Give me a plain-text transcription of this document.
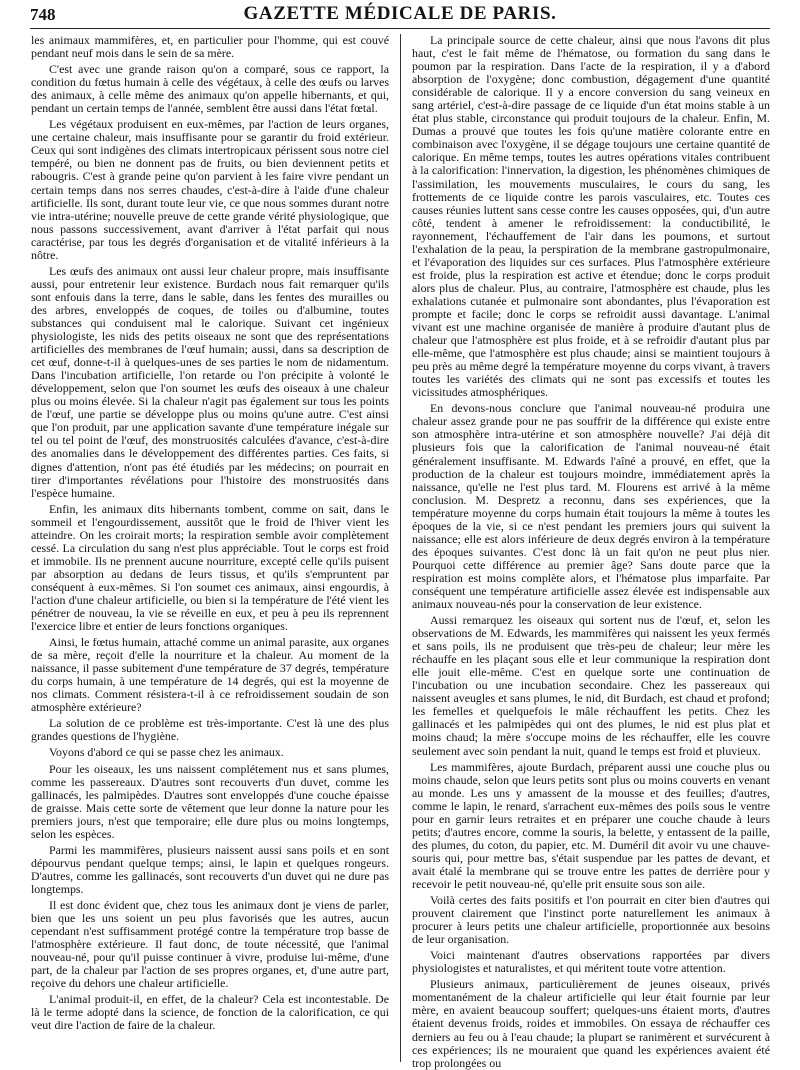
748	GAZETTE MÉDICALE DE PARIS.

les animaux mammifères, et, en particulier pour l'homme, qui est couvé pendant neuf mois dans le sein de sa mère.

C'est avec une grande raison qu'on a comparé, sous ce rapport, la condition du fœtus humain à celle des végétaux, à celle des œufs ou larves des animaux, à celle même des animaux qu'on appelle hibernants, et qui, pendant un certain temps de l'année, semblent être aussi dans l'état fœtal.

Les végétaux produisent en eux-mêmes, par l'action de leurs organes, une certaine chaleur, mais insuffisante pour se garantir du froid extérieur. Ceux qui sont indigènes des climats intertropicaux périssent sous notre ciel tempéré, ou bien ne donnent pas de fruits, ou bien deviennent petits et rabougris. C'est à grande peine qu'on parvient à les faire vivre pendant un certain temps dans nos serres chaudes, c'est-à-dire à l'aide d'une chaleur artificielle. Ils sont, durant toute leur vie, ce que nous sommes durant notre vie intra-utérine; nouvelle preuve de cette grande vérité physiologique, que nous passons successivement, avant d'arriver à l'état parfait qui nous caractérise, par tous les degrés d'organisation et de vitalité inférieurs à la nôtre.

Les œufs des animaux ont aussi leur chaleur propre, mais insuffisante aussi, pour entretenir leur existence. Burdach nous fait remarquer qu'ils sont enfouis dans la terre, dans le sable, dans les fentes des murailles ou des arbres, enveloppés de coques, de toiles ou d'albumine, toutes substances qui conduisent mal le calorique. Suivant cet ingénieux physiologiste, les nids des petits oiseaux ne sont que des représentations artificielles des membranes de l'œuf humain; aussi, dans sa description de cet œuf, donne-t-il à quelques-unes de ses parties le nom de nidamentum. Dans l'incubation artificielle, l'on retarde ou l'on précipite à volonté le développement, selon que l'on soumet les œufs des oiseaux à une chaleur plus ou moins élevée. Si la chaleur n'agit pas également sur tous les points de l'œuf, une partie se développe plus ou moins qu'une autre. C'est ainsi que l'on produit, par une application savante d'une température inégale sur tel ou tel point de l'œuf, des monstruosités calculées d'avance, c'est-à-dire des anomalies dans le développement des différentes parties. Ces faits, si dignes d'attention, n'ont pas été étudiés par les médecins; on pourrait en tirer d'importantes révélations pour l'histoire des monstruosités dans l'espèce humaine.

Enfin, les animaux dits hibernants tombent, comme on sait, dans le sommeil et l'engourdissement, aussitôt que le froid de l'hiver vient les atteindre. On les croirait morts; la respiration semble avoir complètement cessé. La circulation du sang n'est plus appréciable. Tout le corps est froid et immobile. Ils ne prennent aucune nourriture, excepté celle qu'ils puisent par absorption au dedans de leurs tissus, et qu'ils s'empruntent par conséquent à eux-mêmes. Si l'on soumet ces animaux, ainsi engourdis, à l'action d'une chaleur artificielle, ou bien si la température de l'été vient les pénétrer de nouveau, la vie se réveille en eux, et peu à peu ils reprennent l'exercice libre et entier de leurs fonctions organiques.

Ainsi, le fœtus humain, attaché comme un animal parasite, aux organes de sa mère, reçoit d'elle la nourriture et la chaleur. Au moment de la naissance, il passe subitement d'une température de 37 degrés, température du corps humain, à une température de 14 degrés, qui est la moyenne de nos climats. Comment résistera-t-il à ce refroidissement soudain de son atmosphère extérieure?

La solution de ce problème est très-importante. C'est là une des plus grandes questions de l'hygiène.

Voyons d'abord ce qui se passe chez les animaux.

Pour les oiseaux, les uns naissent complétement nus et sans plumes, comme les passereaux. D'autres sont recouverts d'un duvet, comme les gallinacés, les palmipèdes. D'autres sont enveloppés d'une couche épaisse de graisse. Mais cette sorte de vêtement que leur donne la nature pour les premiers jours, n'est que temporaire; elle dure plus ou moins longtemps, selon les espèces.

Parmi les mammifères, plusieurs naissent aussi sans poils et en sont dépourvus pendant quelque temps; ainsi, le lapin et quelques rongeurs. D'autres, comme les gallinacés, sont recouverts d'un duvet qui ne dure pas longtemps.

Il est donc évident que, chez tous les animaux dont je viens de parler, bien que les uns soient un peu plus favorisés que les autres, aucun cependant n'est suffisamment protégé contre la température trop basse de l'atmosphère extérieure. Il faut donc, de toute nécessité, que l'animal nouveau-né, pour qu'il puisse continuer à vivre, produise lui-même, d'une part, de la chaleur par l'action de ses propres organes, et, d'une autre part, reçoive du dehors une chaleur artificielle.

L'animal produit-il, en effet, de la chaleur? Cela est incontestable. De là le terme adopté dans la science, de fonction de la calorification, ce qui veut dire l'action de faire de la chaleur.

La principale source de cette chaleur, ainsi que nous l'avons dit plus haut, c'est le fait même de l'hématose, ou formation du sang dans le poumon par la respiration. Dans l'acte de la respiration, il y a d'abord absorption de l'oxygène; donc combustion, dégagement d'une quantité considérable de calorique. Il y a encore conversion du sang veineux en sang artériel, c'est-à-dire passage de ce liquide d'un état moins stable à un état plus stable, circonstance qui produit toujours de la chaleur. Enfin, M. Dumas a prouvé que toutes les fois qu'une matière colorante entre en combinaison avec l'oxygène, il se dégage toujours une certaine quantité de calorique. En même temps, toutes les autres opérations vitales contribuent à la calorification: l'innervation, la digestion, les phénomènes chimiques de l'assimilation, les mouvements musculaires, le cours du sang, les frottements de ce liquide contre les parois vasculaires, etc. Toutes ces causes réunies luttent sans cesse contre les causes opposées, qui, d'un autre côté, tendent à amener le refroidissement: la conductibilité, le rayonnement, l'échauffement de l'air dans les poumons, et surtout l'exhalation de la peau, la perspiration de la membrane gastropulmonaire, et l'évaporation des liquides sur ces surfaces. Plus l'atmosphère extérieure est froide, plus la respiration est active et étendue; donc le corps produit alors plus de chaleur. Plus, au contraire, l'atmosphère est chaude, plus les exhalations cutanée et pulmonaire sont abondantes, plus l'évaporation est prompte et facile; donc le corps se refroidit aussi davantage. L'animal vivant est une machine organisée de manière à produire d'autant plus de chaleur que l'atmosphère est plus froide, et à se refroidir d'autant plus par elle-même, que l'atmosphère est plus chaude; ainsi se maintient toujours à peu près au même degré la température moyenne du corps vivant, à travers toutes les variétés des climats qui ne sont pas excessifs et toutes les vicissitudes atmosphériques.

En devons-nous conclure que l'animal nouveau-né produira une chaleur assez grande pour ne pas souffrir de la différence qui existe entre son atmosphère intra-utérine et son atmosphère nouvelle? J'ai déjà dit plusieurs fois que la calorification de l'animal nouveau-né était généralement insuffisante. M. Edwards l'aîné a prouvé, en effet, que la production de la chaleur est toujours moindre, immédiatement après la naissance, qu'elle ne l'est plus tard. M. Flourens est arrivé à la même conclusion. M. Despretz a reconnu, dans ses expériences, que la température moyenne du corps humain était toujours la même à toutes les époques de la vie, si ce n'est pendant les premiers jours qui suivent la naissance; elle est alors inférieure de deux degrés environ à la température des époques suivantes. C'est donc là un fait qu'on ne peut plus nier. Pourquoi cette différence au premier âge? Sans doute parce que la respiration est moins complète alors, et l'hématose plus imparfaite. Par conséquent une température artificielle assez élevée est indispensable aux animaux nouveau-nés pour la conservation de leur existence.

Aussi remarquez les oiseaux qui sortent nus de l'œuf, et, selon les observations de M. Edwards, les mammifères qui naissent les yeux fermés et sans poils, ils ne produisent que très-peu de chaleur; leur mère les réchauffe en les plaçant sous elle et leur communique la respiration dont elle jouit elle-même. C'est en quelque sorte une continuation de l'incubation ou une incubation secondaire. Chez les passereaux qui naissent aveugles et sans plumes, le nid, dit Burdach, est chaud et profond; les femelles et quelquefois le mâle réchauffent les petits. Chez les gallinacés et les palmipèdes qui ont des plumes, le nid est plus plat et moins chaud; la mère s'occupe moins de les réchauffer, elle les couvre seulement avec soin pendant la nuit, quand le temps est froid et pluvieux.

Les mammifères, ajoute Burdach, préparent aussi une couche plus ou moins chaude, selon que leurs petits sont plus ou moins couverts en venant au monde. Les uns y amassent de la mousse et des feuilles; d'autres, comme le lapin, le renard, s'arrachent eux-mêmes des poils sous le ventre pour en garnir leurs retraites et en préparer une couche chaude à leurs petits; d'autres encore, comme la souris, la belette, y entassent de la paille, des plumes, du coton, du papier, etc. M. Duméril dit avoir vu une chauve-souris qui, pour mettre bas, s'était suspendue par les pattes de devant, et avait étalé la membrane qui se trouve entre les pattes de derrière pour y recevoir le petit nouveau-né, qu'elle prit ensuite sous son aile.

Voilà certes des faits positifs et l'on pourrait en citer bien d'autres qui prouvent clairement que l'instinct porte naturellement les animaux à procurer à leurs petits une chaleur artificielle, proportionnée aux besoins de leur organisation.

Voici maintenant d'autres observations rapportées par divers physiologistes et naturalistes, et qui méritent toute votre attention.

Plusieurs animaux, particulièrement de jeunes oiseaux, privés momentanément de la chaleur artificielle qui leur était fournie par leur mère, en avaient beaucoup souffert; quelques-uns étaient morts, d'autres étaient devenus froids, roides et immobiles. On essaya de réchauffer ces derniers au feu ou à l'eau chaude; la plupart se ranimèrent et survécurent à ces expériences; ils ne mouraient que quand les expériences avaient été trop prolongées ou
